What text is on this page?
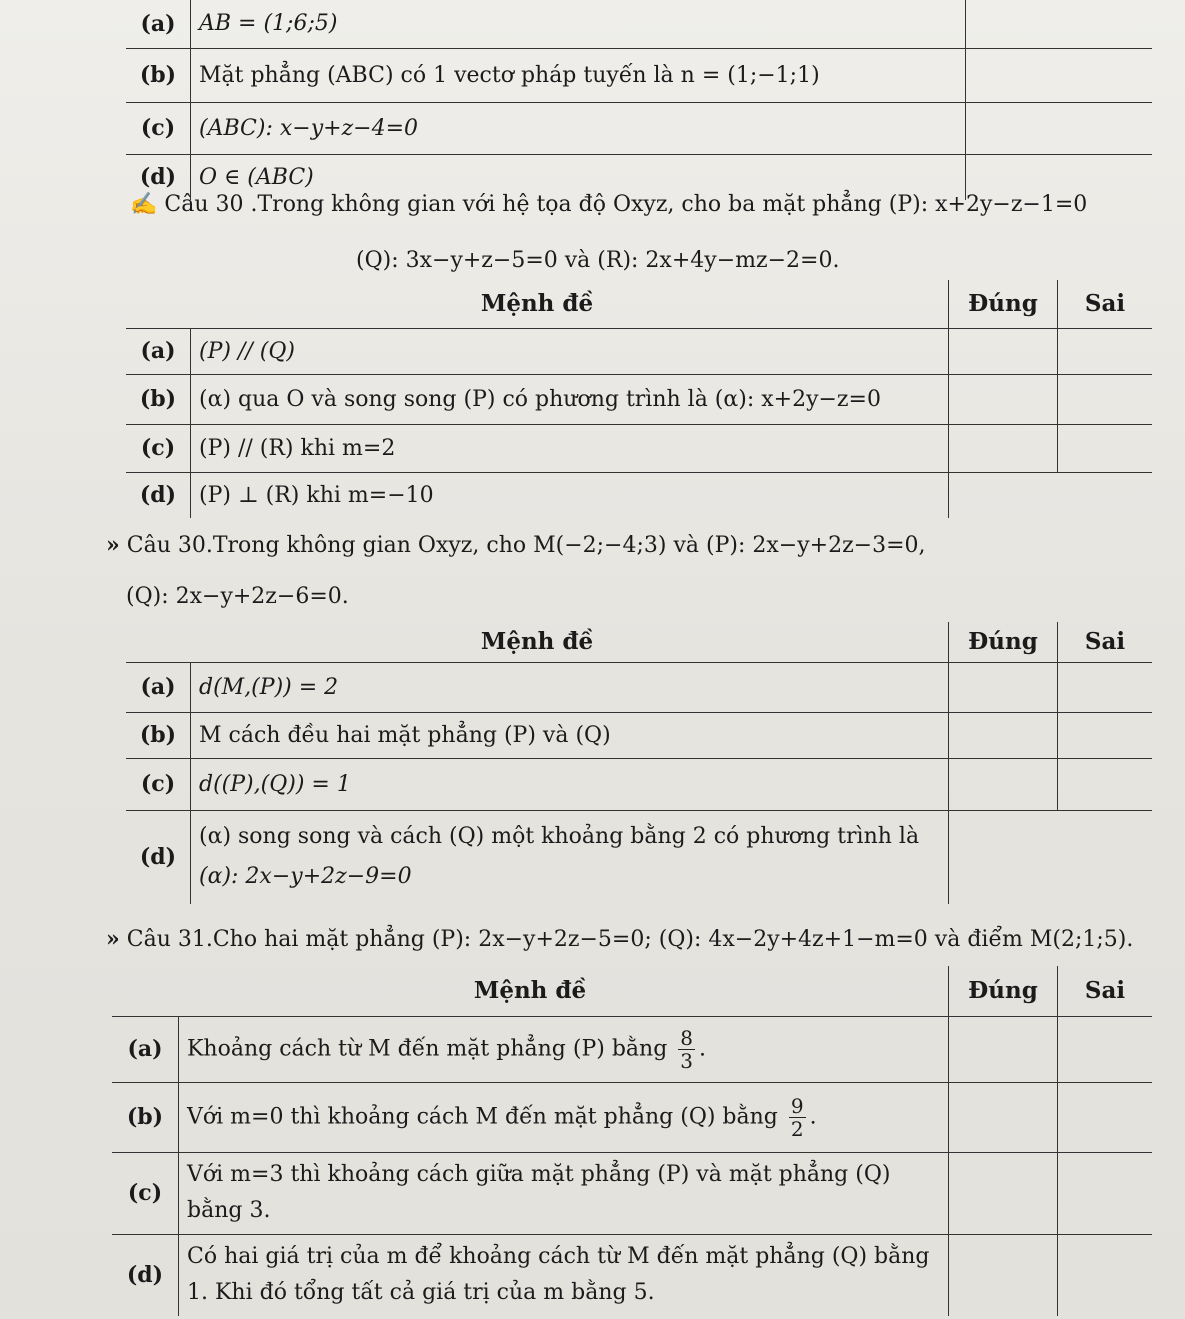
(a)	AB = (1;6;5)	
(b)	Mặt phẳng (ABC) có 1 vectơ pháp tuyến là n = (1;−1;1)	
(c)	(ABC): x−y+z−4=0	
(d)	O ∈ (ABC)	
✍ Câu 30 .Trong không gian với hệ tọa độ Oxyz, cho ba mặt phẳng (P): x+2y−z−1=0
(Q): 3x−y+z−5=0 và (R): 2x+4y−mz−2=0.
Mệnh đề		Đúng	Sai
(a)	(P) // (Q)		
(b)	(α) qua O và song song (P) có phương trình là (α): x+2y−z=0		
(c)	(P) // (R) khi m=2		
(d)	(P) ⊥ (R) khi m=−10		
» Câu 30.Trong không gian Oxyz, cho M(−2;−4;3) và (P): 2x−y+2z−3=0,
(Q): 2x−y+2z−6=0.
Mệnh đề		Đúng	Sai
(a)	d(M,(P)) = 2		
(b)	M cách đều hai mặt phẳng (P) và (Q)		
(c)	d((P),(Q)) = 1		
(d)	(α) song song và cách (Q) một khoảng bằng 2 có phương trình là
(α): 2x−y+2z−9=0		

» Câu 31.Cho hai mặt phẳng (P): 2x−y+2z−5=0; (Q): 4x−2y+4z+1−m=0 và điểm M(2;1;5).
Mệnh đề		Đúng	Sai
(a)	Khoảng cách từ M đến mặt phẳng (P) bằng $\frac{8}{3}$ .		
(b)	Với m=0 thì khoảng cách M đến mặt phẳng (Q) bằng $\frac{9}{2}$ .		
(c)	Với m=3 thì khoảng cách giữa mặt phẳng (P) và mặt phẳng (Q)
bằng 3.		

(d)	Có hai giá trị của m để khoảng cách từ M đến mặt phẳng (Q) bằng
1. Khi đó tổng tất cả giá trị của m bằng 5.		
